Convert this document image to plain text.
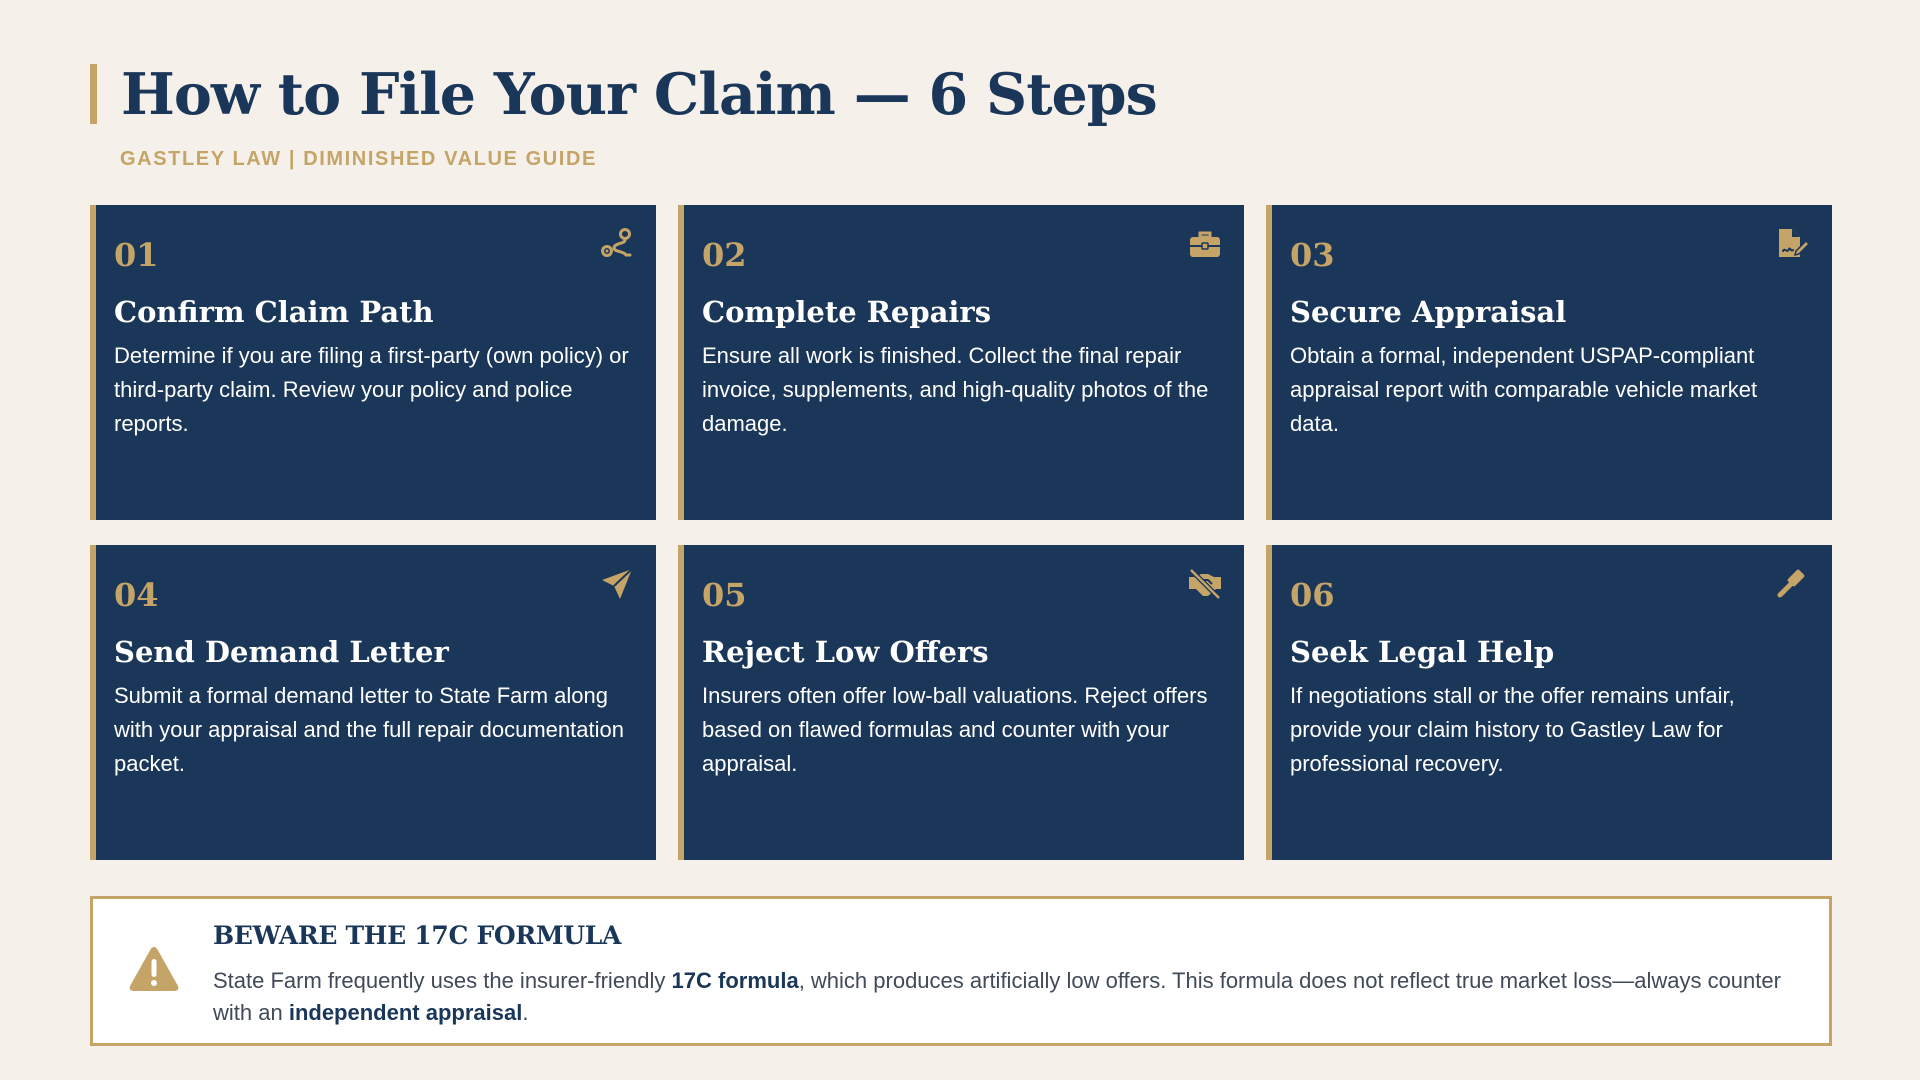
How to File Your Claim — 6 Steps
GASTLEY LAW | DIMINISHED VALUE GUIDE
01
Confirm Claim Path
Determine if you are filing a first-party (own policy) or third-party claim. Review your policy and police reports.
02
Complete Repairs
Ensure all work is finished. Collect the final repair invoice, supplements, and high-quality photos of the damage.
03
Secure Appraisal
Obtain a formal, independent USPAP-compliant appraisal report with comparable vehicle market data.
04
Send Demand Letter
Submit a formal demand letter to State Farm along with your appraisal and the full repair documentation packet.
05
Reject Low Offers
Insurers often offer low-ball valuations. Reject offers based on flawed formulas and counter with your appraisal.
06
Seek Legal Help
If negotiations stall or the offer remains unfair, provide your claim history to Gastley Law for professional recovery.
BEWARE THE 17C FORMULA
State Farm frequently uses the insurer-friendly 17C formula, which produces artificially low offers. This formula does not reflect true market loss—always counter with an independent appraisal.
